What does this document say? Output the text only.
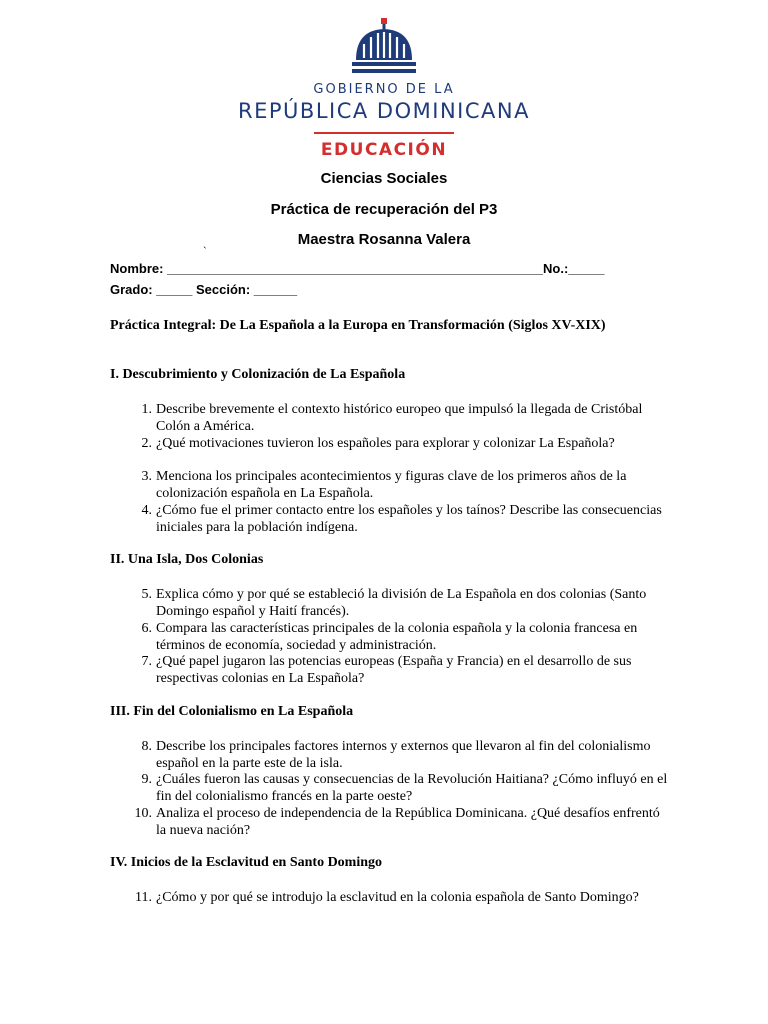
GOBIERNO DE LA
REPÚBLICA DOMINICANA
EDUCACIÓN
Ciencias Sociales
Práctica de recuperación del P3
Maestra Rosanna Valera
`
Nombre: ____________________________________________________No.:_____
Grado: _____ Sección: ______
Práctica Integral: De La Española a la Europa en Transformación (Siglos XV-XIX)
I. Descubrimiento y Colonización de La Española
1. Describe brevemente el contexto histórico europeo que impulsó la llegada de Cristóbal Colón a América.
2. ¿Qué motivaciones tuvieron los españoles para explorar y colonizar La Española?
3. Menciona los principales acontecimientos y figuras clave de los primeros años de la colonización española en La Española.
4. ¿Cómo fue el primer contacto entre los españoles y los taínos? Describe las consecuencias iniciales para la población indígena.
II. Una Isla, Dos Colonias
5. Explica cómo y por qué se estableció la división de La Española en dos colonias (Santo Domingo español y Haití francés).
6. Compara las características principales de la colonia española y la colonia francesa en términos de economía, sociedad y administración.
7. ¿Qué papel jugaron las potencias europeas (España y Francia) en el desarrollo de sus respectivas colonias en La Española?
III. Fin del Colonialismo en La Española
8. Describe los principales factores internos y externos que llevaron al fin del colonialismo español en la parte este de la isla.
9. ¿Cuáles fueron las causas y consecuencias de la Revolución Haitiana? ¿Cómo influyó en el fin del colonialismo francés en la parte oeste?
10. Analiza el proceso de independencia de la República Dominicana. ¿Qué desafíos enfrentó la nueva nación?
IV. Inicios de la Esclavitud en Santo Domingo
11. ¿Cómo y por qué se introdujo la esclavitud en la colonia española de Santo Domingo?
